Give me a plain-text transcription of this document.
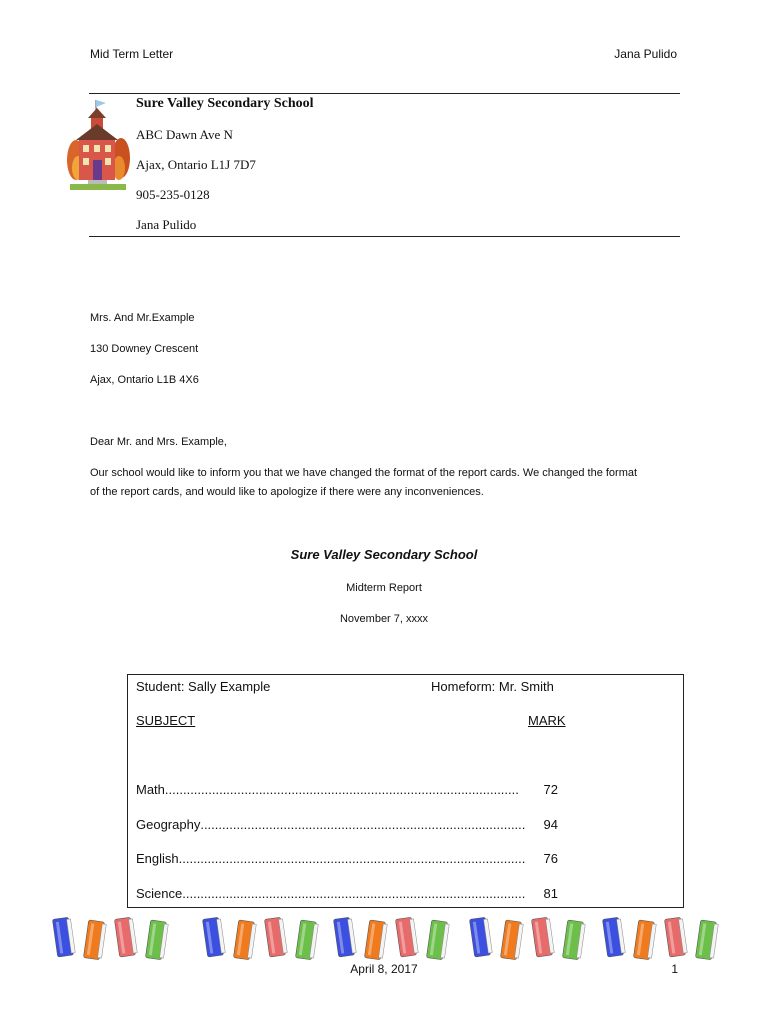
Mid Term Letter	Jana Pulido
Sure Valley Secondary School
ABC Dawn Ave N
Ajax, Ontario L1J 7D7
905-235-0128
Jana Pulido
Mrs. And Mr.Example
130 Downey Crescent
Ajax, Ontario L1B 4X6
Dear Mr. and Mrs. Example,
Our school would like to inform you that we have changed the format of the report cards. We changed the format
of the report cards, and would like to apologize if there were any inconveniences.
Sure Valley Secondary School
Midterm Report
November 7, xxxx
Student: Sally Example	Homeform: Mr. Smith
SUBJECT	MARK
Math ..................................................................................................	72
Geography ..........................................................................................	94
English ................................................................................................	76
Science ...............................................................................................	81
April 8, 2017	1
